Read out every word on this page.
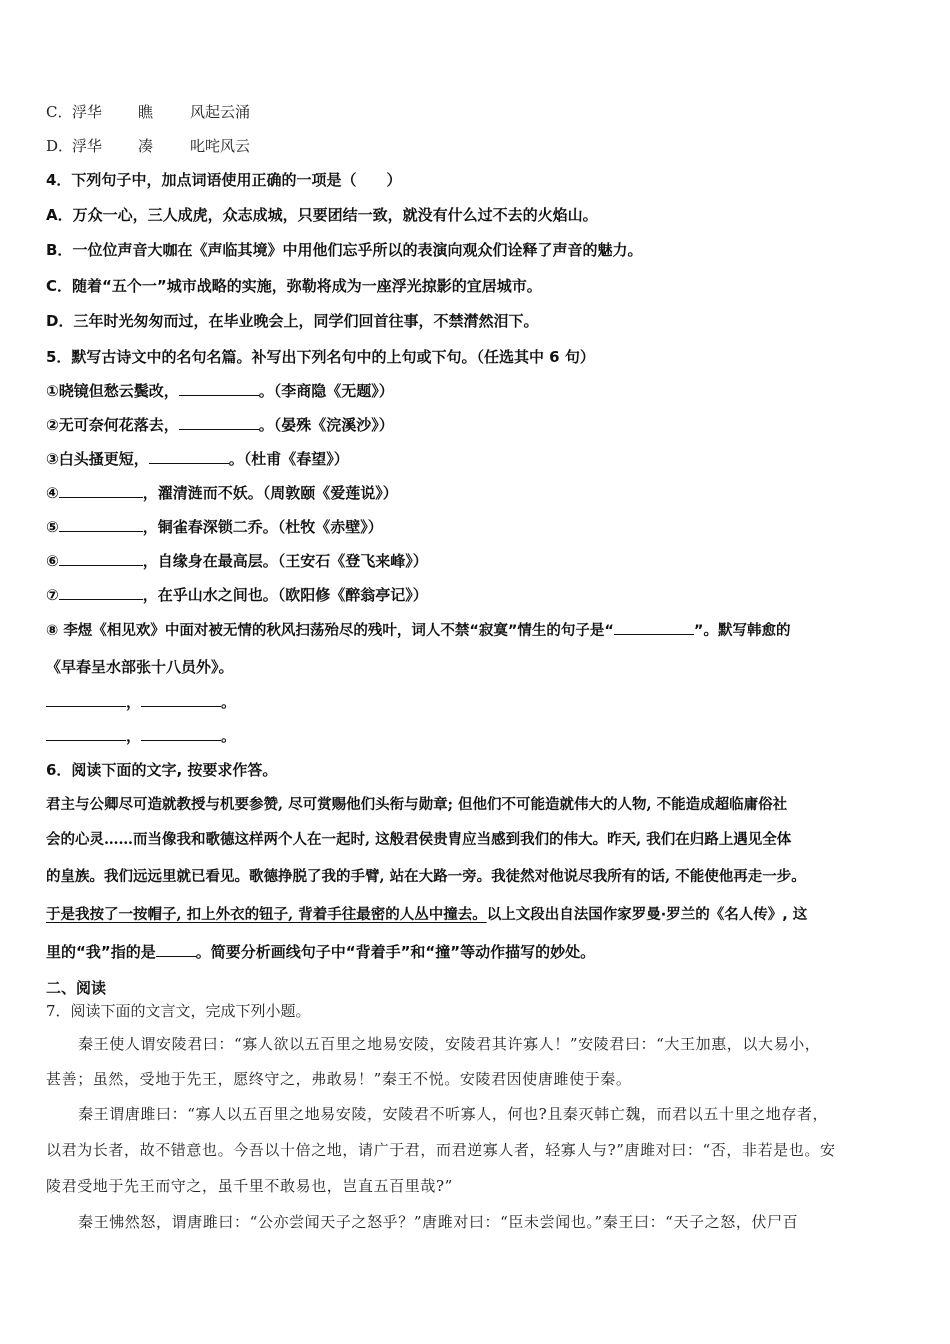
C．浮华 瞧 风起云涌
D．浮华 凑 叱咤风云
4．下列句子中，加点词语使用正确的一项是（　　）
A．万众一心，三人成虎，众志成城，只要团结一致，就没有什么过不去的火焰山。
B．一位位声音大咖在《声临其境》中用他们忘乎所以的表演向观众们诠释了声音的魅力。
C．随着“五个一”城市战略的实施，弥勒将成为一座浮光掠影的宜居城市。
D．三年时光匆匆而过，在毕业晚会上，同学们回首往事，不禁潸然泪下。
5．默写古诗文中的名句名篇。补写出下列名句中的上句或下句。（任选其中 6 句）
①晓镜但愁云鬓改，	。（李商隐《无题》）
②无可奈何花落去，	。（晏殊《浣溪沙》）
③白头搔更短，	。（杜甫《春望》）
④	，濯清涟而不妖。（周敦颐《爱莲说》）
⑤	，铜雀春深锁二乔。（杜牧《赤壁》）
⑥	，自缘身在最高层。（王安石《登飞来峰》）
⑦	，在乎山水之间也。（欧阳修《醉翁亭记》）
⑧ 李煜《相见欢》中面对被无情的秋风扫荡殆尽的残叶，词人不禁“寂寞”情生的句子是“	”。默写韩愈的
《早春呈水部张十八员外》。
，	。
，	。
6．阅读下面的文字, 按要求作答。
君主与公卿尽可造就教授与机要参赞, 尽可赏赐他们头衔与勋章; 但他们不可能造就伟大的人物, 不能造成超临庸俗社
会的心灵……而当像我和歌德这样两个人在一起时, 这般君侯贵胄应当感到我们的伟大。昨天, 我们在归路上遇见全体
的皇族。我们远远里就已看见。歌德挣脱了我的手臂, 站在大路一旁。我徒然对他说尽我所有的话, 不能使他再走一步。
于是我按了一按帽子, 扣上外衣的钮子, 背着手往最密的人丛中撞去。以上文段出自法国作家罗曼·罗兰的《名人传》, 这
里的“我”指的是	。简要分析画线句子中“背着手”和“撞”等动作描写的妙处。
二、阅读
7．阅读下面的文言文，完成下列小题。
秦王使人谓安陵君曰：“寡人欲以五百里之地易安陵，安陵君其许寡人！”安陵君曰：“大王加惠，以大易小，
甚善；虽然，受地于先王，愿终守之，弗敢易！”秦王不悦。安陵君因使唐雎使于秦。
秦王谓唐雎曰：“寡人以五百里之地易安陵，安陵君不听寡人，何也?且秦灭韩亡魏，而君以五十里之地存者，
以君为长者，故不错意也。今吾以十倍之地，请广于君，而君逆寡人者，轻寡人与?”唐雎对曰：“否，非若是也。安
陵君受地于先王而守之，虽千里不敢易也，岂直五百里哉?”
秦王怫然怒，谓唐雎曰：“公亦尝闻天子之怒乎？”唐雎对曰：“臣未尝闻也。”秦王曰：“天子之怒，伏尸百
